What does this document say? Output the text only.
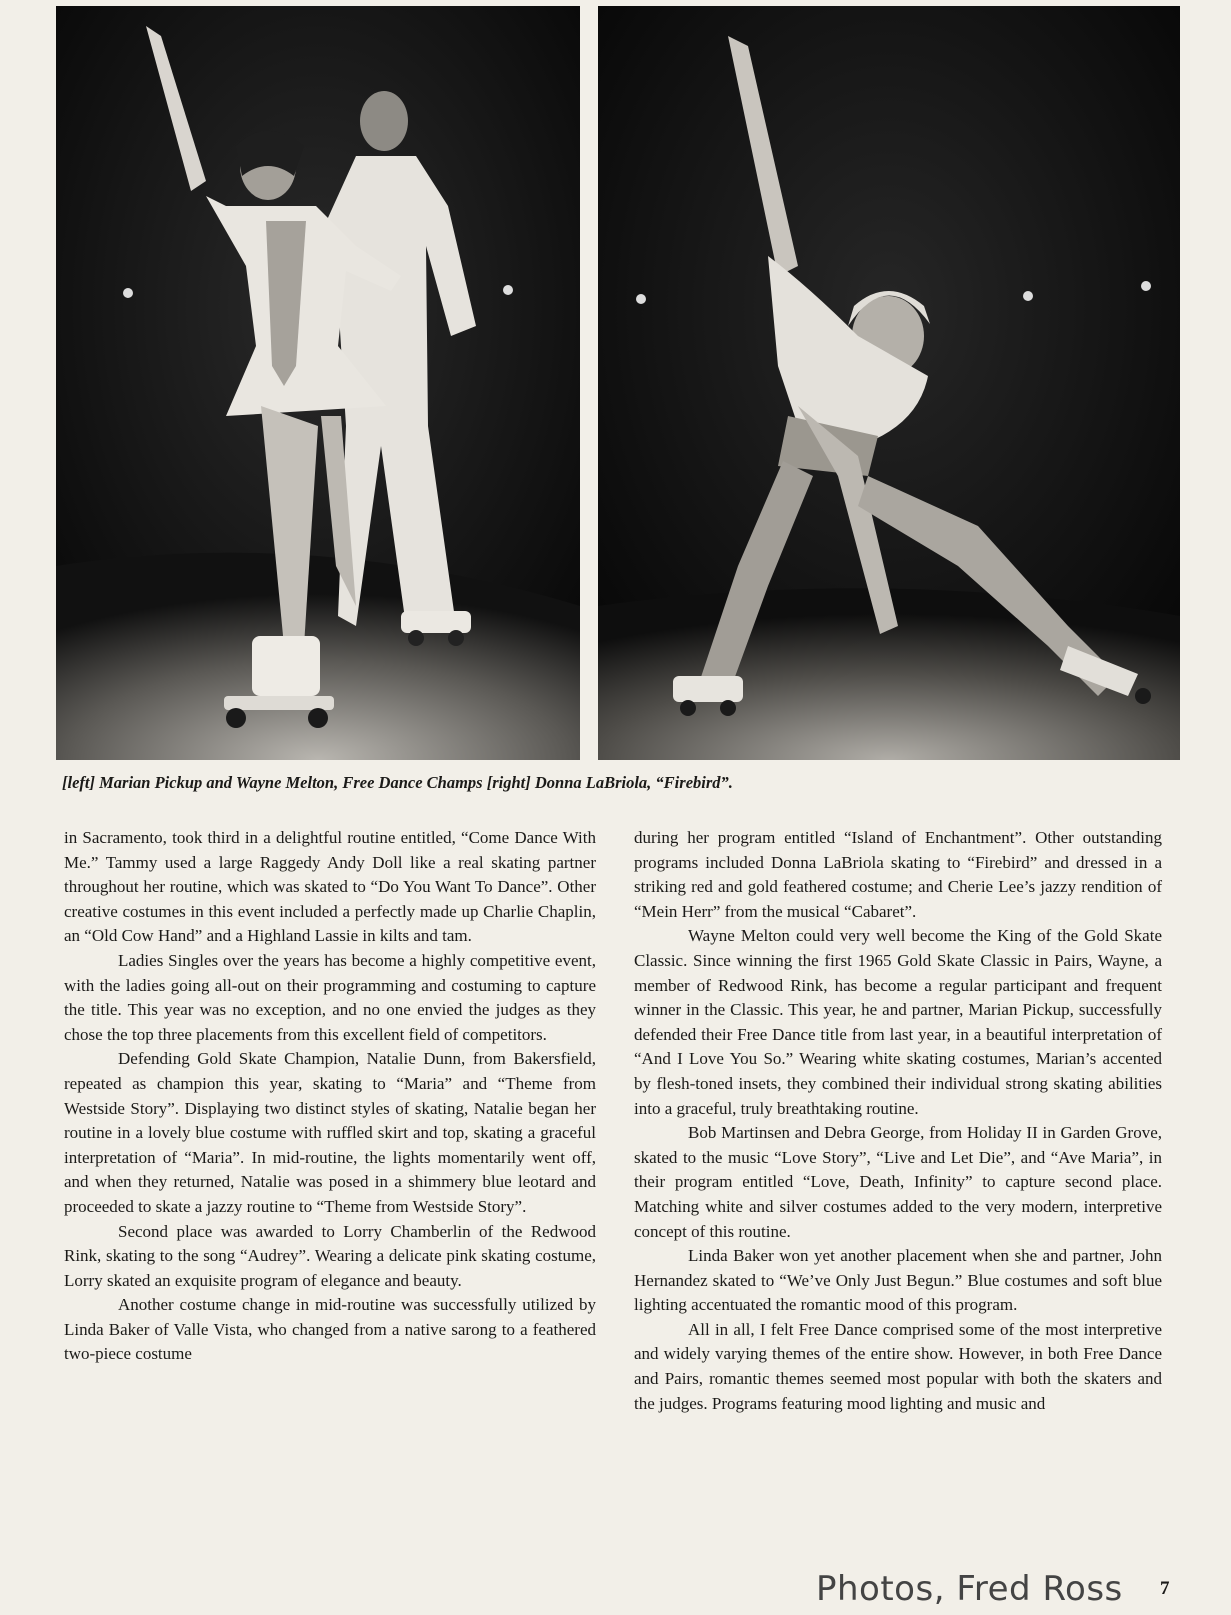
[left] Marian Pickup and Wayne Melton, Free Dance Champs [right] Donna LaBriola, “Firebird”.

in Sacramento, took third in a delightful routine entitled, “Come Dance With Me.” Tammy used a large Raggedy Andy Doll like a real skating partner throughout her routine, which was skated to “Do You Want To Dance”. Other creative costumes in this event included a perfectly made up Charlie Chaplin, an “Old Cow Hand” and a Highland Lassie in kilts and tam.

Ladies Singles over the years has become a highly competitive event, with the ladies going all-out on their programming and costuming to capture the title. This year was no exception, and no one envied the judges as they chose the top three placements from this excellent field of competitors.

Defending Gold Skate Champion, Natalie Dunn, from Bakersfield, repeated as champion this year, skating to “Maria” and “Theme from Westside Story”. Displaying two distinct styles of skating, Natalie began her routine in a lovely blue costume with ruffled skirt and top, skating a graceful interpretation of “Maria”. In mid-routine, the lights momentarily went off, and when they returned, Natalie was posed in a shimmery blue leotard and proceeded to skate a jazzy routine to “Theme from Westside Story”.

Second place was awarded to Lorry Chamberlin of the Redwood Rink, skating to the song “Audrey”. Wearing a delicate pink skating costume, Lorry skated an exquisite program of elegance and beauty.

Another costume change in mid-routine was successfully utilized by Linda Baker of Valle Vista, who changed from a native sarong to a feathered two-piece costume

during her program entitled “Island of Enchantment”. Other outstanding programs included Donna LaBriola skating to “Firebird” and dressed in a striking red and gold feathered costume; and Cherie Lee’s jazzy rendition of “Mein Herr” from the musical “Cabaret”.

Wayne Melton could very well become the King of the Gold Skate Classic. Since winning the first 1965 Gold Skate Classic in Pairs, Wayne, a member of Redwood Rink, has become a regular participant and frequent winner in the Classic. This year, he and partner, Marian Pickup, successfully defended their Free Dance title from last year, in a beautiful interpretation of “And I Love You So.” Wearing white skating costumes, Marian’s accented by flesh-toned insets, they combined their individual strong skating abilities into a graceful, truly breathtaking routine.

Bob Martinsen and Debra George, from Holiday II in Garden Grove, skated to the music “Love Story”, “Live and Let Die”, and “Ave Maria”, in their program entitled “Love, Death, Infinity” to capture second place. Matching white and silver costumes added to the very modern, interpretive concept of this routine.

Linda Baker won yet another placement when she and partner, John Hernandez skated to “We’ve Only Just Begun.” Blue costumes and soft blue lighting accentuated the romantic mood of this program.

All in all, I felt Free Dance comprised some of the most interpretive and widely varying themes of the entire show. However, in both Free Dance and Pairs, romantic themes seemed most popular with both the skaters and the judges. Programs featuring mood lighting and music and

Photos, Fred Ross 7
